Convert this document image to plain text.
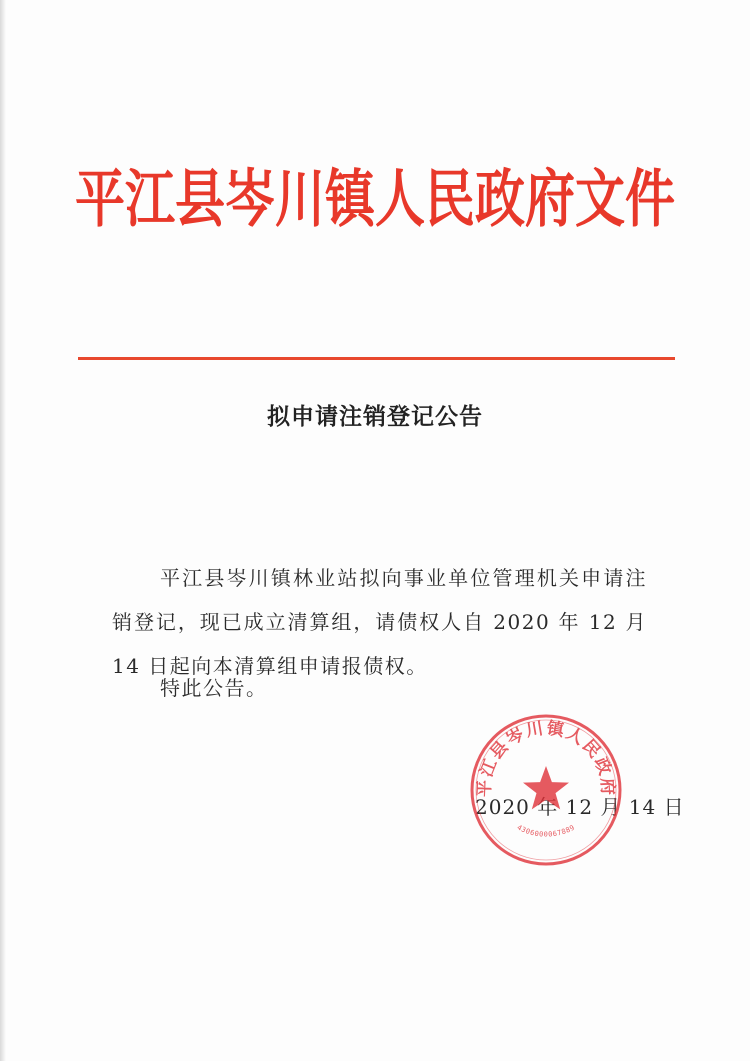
平江县岑川镇人民政府文件
拟申请注销登记公告
平江县岑川镇林业站拟向事业单位管理机关申请注销登记，现已成立清算组，请债权人自 2020 年 12 月 14 日起向本清算组申请报债权。
特此公告。
2020 年 12 月 14 日
平江县岑川镇人民政府
4306000067889
